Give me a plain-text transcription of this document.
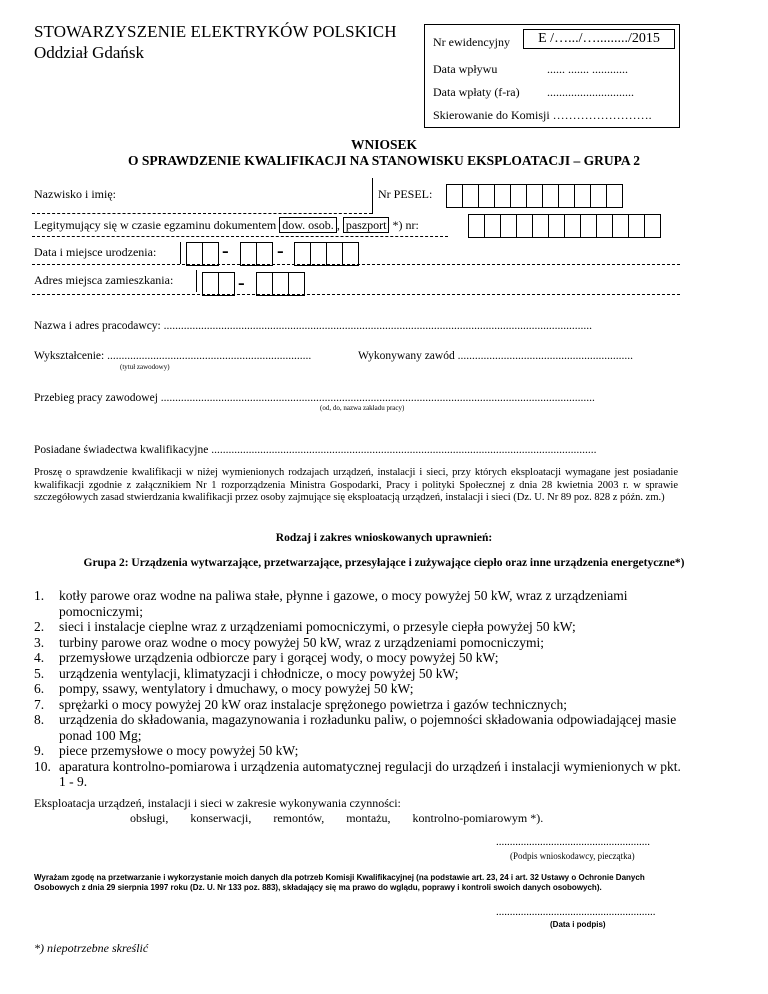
STOWARZYSZENIE ELEKTRYKÓW POLSKICH
Oddział Gdańsk
Nr ewidencyjny	E /….../…........./2015
Data wpływu	...... ....... ............
Data wpłaty (f-ra) .............................
Skierowanie do Komisji …………………….
WNIOSEK
O SPRAWDZENIE KWALIFIKACJI NA STANOWISKU EKSPLOATACJI – GRUPA 2
Nazwisko i imię:	Nr PESEL:
Legitymujący się w czasie egzaminu dokumentem dow. osob. , paszport *) nr:
Data i miejsce urodzenia:	- -
Adres miejsca zamieszkania:	-
Nazwa i adres pracodawcy: .....................................................................................................................................................
Wykształcenie: .......................................................................
(tytuł zawodowy)
Wykonywany zawód .............................................................
Przebieg pracy zawodowej .......................................................................................................................................................
(od, do, nazwa zakładu pracy)
Posiadane świadectwa kwalifikacyjne ......................................................................................................................................
Proszę o sprawdzenie kwalifikacji w niżej wymienionych rodzajach urządzeń, instalacji i sieci, przy których eksploatacji wymagane jest posiadanie kwalifikacji zgodnie z załącznikiem Nr 1 rozporządzenia Ministra Gospodarki, Pracy i polityki Społecznej z dnia 28 kwietnia 2003 r. w sprawie szczegółowych zasad stwierdzania kwalifikacji przez osoby zajmujące się eksploatacją urządzeń, instalacji i sieci (Dz. U. Nr 89 poz. 828 z późn. zm.)
Rodzaj i zakres wnioskowanych uprawnień:
Grupa 2: Urządzenia wytwarzające, przetwarzające, przesyłające i zużywające ciepło oraz inne urządzenia energetyczne*)
1.	kotły parowe oraz wodne na paliwa stałe, płynne i gazowe, o mocy powyżej 50 kW, wraz z urządzeniami pomocniczymi;
2.	sieci i instalacje cieplne wraz z urządzeniami pomocniczymi, o przesyle ciepła powyżej 50 kW;
3.	turbiny parowe oraz wodne o mocy powyżej 50 kW, wraz z urządzeniami pomocniczymi;
4.	przemysłowe urządzenia odbiorcze pary i gorącej wody, o mocy powyżej 50 kW;
5.	urządzenia wentylacji, klimatyzacji i chłodnicze, o mocy powyżej 50 kW;
6.	pompy, ssawy, wentylatory i dmuchawy, o mocy powyżej 50 kW;
7.	sprężarki o mocy powyżej 20 kW oraz instalacje sprężonego powietrza i gazów technicznych;
8.	urządzenia do składowania, magazynowania i rozładunku paliw, o pojemności składowania odpowiadającej masie ponad 100 Mg;
9.	piece przemysłowe o mocy powyżej 50 kW;
10. aparatura kontrolno-pomiarowa i urządzenia automatycznej regulacji do urządzeń i instalacji wymienionych w pkt. 1 - 9.
Eksploatacja urządzeń, instalacji i sieci w zakresie wykonywania czynności:
obsługi, konserwacji, remontów, montażu, kontrolno-pomiarowym *).
........................................................
(Podpis wnioskodawcy, pieczątka)
Wyrażam zgodę na przetwarzanie i wykorzystanie moich danych dla potrzeb Komisji Kwalifikacyjnej (na podstawie art. 23, 24 i art. 32 Ustawy o Ochronie Danych Osobowych z dnia 29 sierpnia 1997 roku (Dz. U. Nr 133 poz. 883), składający się ma prawo do wglądu, poprawy i kontroli swoich danych osobowych).
..........................................................
(Data i podpis)
*) niepotrzebne skreślić
